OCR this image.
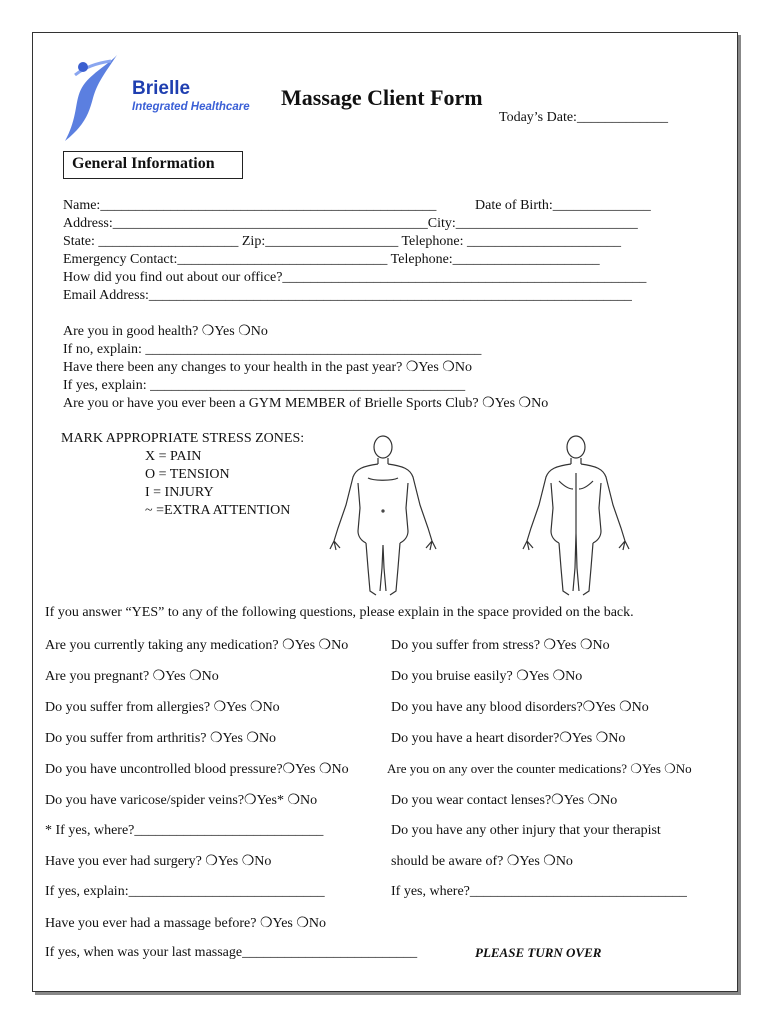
Brielle
Integrated Healthcare Massage Client Form
Today’s Date:_____________
General Information
Name:________________________________________________	Date of Birth:______________
Address:_____________________________________________City:__________________________
State: ____________________ Zip:___________________ Telephone: ______________________
Emergency Contact:______________________________ Telephone:_____________________
How did you find out about our office?____________________________________________________
Email Address:_____________________________________________________________________
Are you in good health? ❍Yes ❍No
If no, explain: ________________________________________________
Have there been any changes to your health in the past year? ❍Yes ❍No
If yes, explain: _____________________________________________
Are you or have you ever been a GYM MEMBER of Brielle Sports Club? ❍Yes ❍No
MARK APPROPRIATE STRESS ZONES:
X = PAIN
O = TENSION
I = INJURY
~ =EXTRA ATTENTION
If you answer “YES” to any of the following questions, please explain in the space provided on the back.
PLEASE TURN OVER
Are you currently taking any medication? ❍Yes ❍No
Are you pregnant? ❍Yes ❍No
Do you suffer from allergies? ❍Yes ❍No
Do you suffer from arthritis? ❍Yes ❍No
Do you have uncontrolled blood pressure?❍Yes ❍No
Do you have varicose/spider veins?❍Yes* ❍No
* If yes, where?___________________________
Have you ever had surgery? ❍Yes ❍No
If yes, explain:____________________________
Have you ever had a massage before? ❍Yes ❍No
If yes, when was your last massage_________________________
Do you suffer from stress? ❍Yes ❍No
Do you bruise easily? ❍Yes ❍No
Do you have any blood disorders?❍Yes ❍No
Do you have a heart disorder?❍Yes ❍No
Are you on any over the counter medications? ❍Yes ❍No
Do you wear contact lenses?❍Yes ❍No
Do you have any other injury that your therapist
should be aware of? ❍Yes ❍No
If yes, where?_______________________________
